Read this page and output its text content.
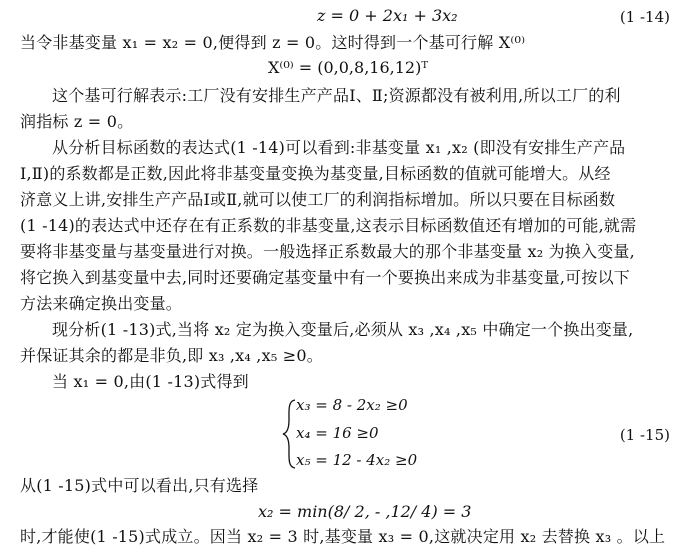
z = 0 + 2x₁ + 3x₂	(1 -14)
当令非基变量 x₁ = x₂ = 0,便得到 z = 0。这时得到一个基可行解 X⁽⁰⁾
X⁽⁰⁾ = (0,0,8,16,12)ᵀ
这个基可行解表示:工厂没有安排生产产品Ⅰ、Ⅱ;资源都没有被利用,所以工厂的利
润指标 z = 0。
从分析目标函数的表达式(1 -14)可以看到:非基变量 x₁ ,x₂ (即没有安排生产产品
Ⅰ,Ⅱ)的系数都是正数,因此将非基变量变换为基变量,目标函数的值就可能增大。从经
济意义上讲,安排生产产品Ⅰ或Ⅱ,就可以使工厂的利润指标增加。所以只要在目标函数
(1 -14)的表达式中还存在有正系数的非基变量,这表示目标函数值还有增加的可能,就需
要将非基变量与基变量进行对换。一般选择正系数最大的那个非基变量 x₂ 为换入变量,
将它换入到基变量中去,同时还要确定基变量中有一个要换出来成为非基变量,可按以下
方法来确定换出变量。
现分析(1 -13)式,当将 x₂ 定为换入变量后,必须从 x₃ ,x₄ ,x₅ 中确定一个换出变量,
并保证其余的都是非负,即 x₃ ,x₄ ,x₅ ≥0。
当 x₁ = 0,由(1 -13)式得到
x₃ = 8 - 2x₂ ≥0
x₄ = 16 ≥0
x₅ = 12 - 4x₂ ≥0
(1 -15)
从(1 -15)式中可以看出,只有选择
x₂ = min(8/ 2, - ,12/ 4) = 3
时,才能使(1 -15)式成立。因当 x₂ = 3 时,基变量 x₃ = 0,这就决定用 x₂ 去替换 x₃ 。以上
